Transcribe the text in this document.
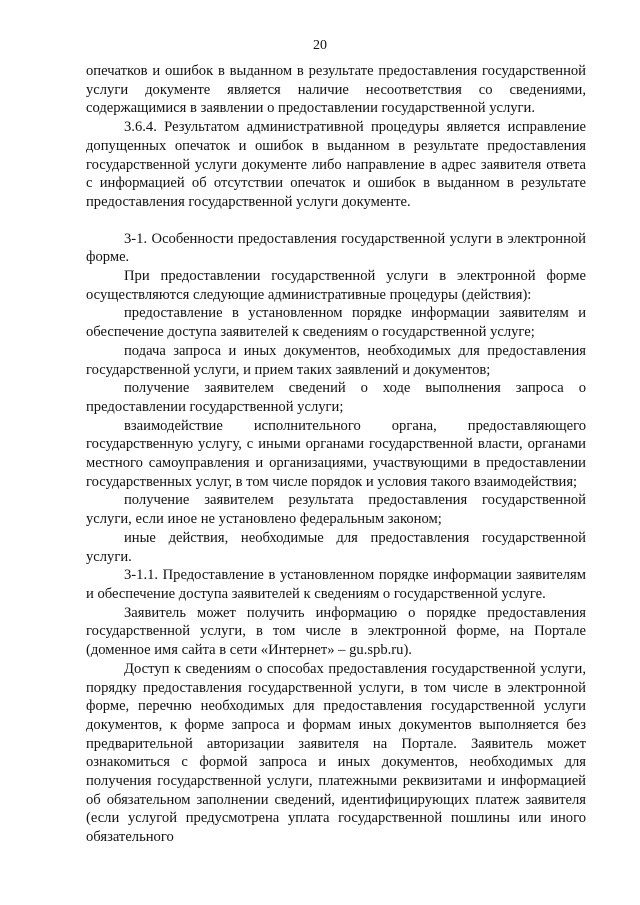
20

опечатков и ошибок в выданном в результате предоставления государственной услуги документе является наличие несоответствия со сведениями, содержащимися в заявлении о предоставлении государственной услуги.

3.6.4. Результатом административной процедуры является исправление допущенных опечаток и ошибок в выданном в результате предоставления государственной услуги документе либо направление в адрес заявителя ответа с информацией об отсутствии опечаток и ошибок в выданном в результате предоставления государственной услуги документе.

3-1. Особенности предоставления государственной услуги в электронной форме.

При предоставлении государственной услуги в электронной форме осуществляются следующие административные процедуры (действия):

предоставление в установленном порядке информации заявителям и обеспечение доступа заявителей к сведениям о государственной услуге;

подача запроса и иных документов, необходимых для предоставления государственной услуги, и прием таких заявлений и документов;

получение заявителем сведений о ходе выполнения запроса о предоставлении государственной услуги;

взаимодействие исполнительного органа, предоставляющего государственную услугу, с иными органами государственной власти, органами местного самоуправления и организациями, участвующими в предоставлении государственных услуг, в том числе порядок и условия такого взаимодействия;

получение заявителем результата предоставления государственной услуги, если иное не установлено федеральным законом;

иные действия, необходимые для предоставления государственной услуги.

3-1.1. Предоставление в установленном порядке информации заявителям и обеспечение доступа заявителей к сведениям о государственной услуге.

Заявитель может получить информацию о порядке предоставления государственной услуги, в том числе в электронной форме, на Портале (доменное имя сайта в сети «Интернет» – gu.spb.ru).

Доступ к сведениям о способах предоставления государственной услуги, порядку предоставления государственной услуги, в том числе в электронной форме, перечню необходимых для предоставления государственной услуги документов, к форме запроса и формам иных документов выполняется без предварительной авторизации заявителя на Портале. Заявитель может ознакомиться с формой запроса и иных документов, необходимых для получения государственной услуги, платежными реквизитами и информацией об обязательном заполнении сведений, идентифицирующих платеж заявителя (если услугой предусмотрена уплата государственной пошлины или иного обязательного
